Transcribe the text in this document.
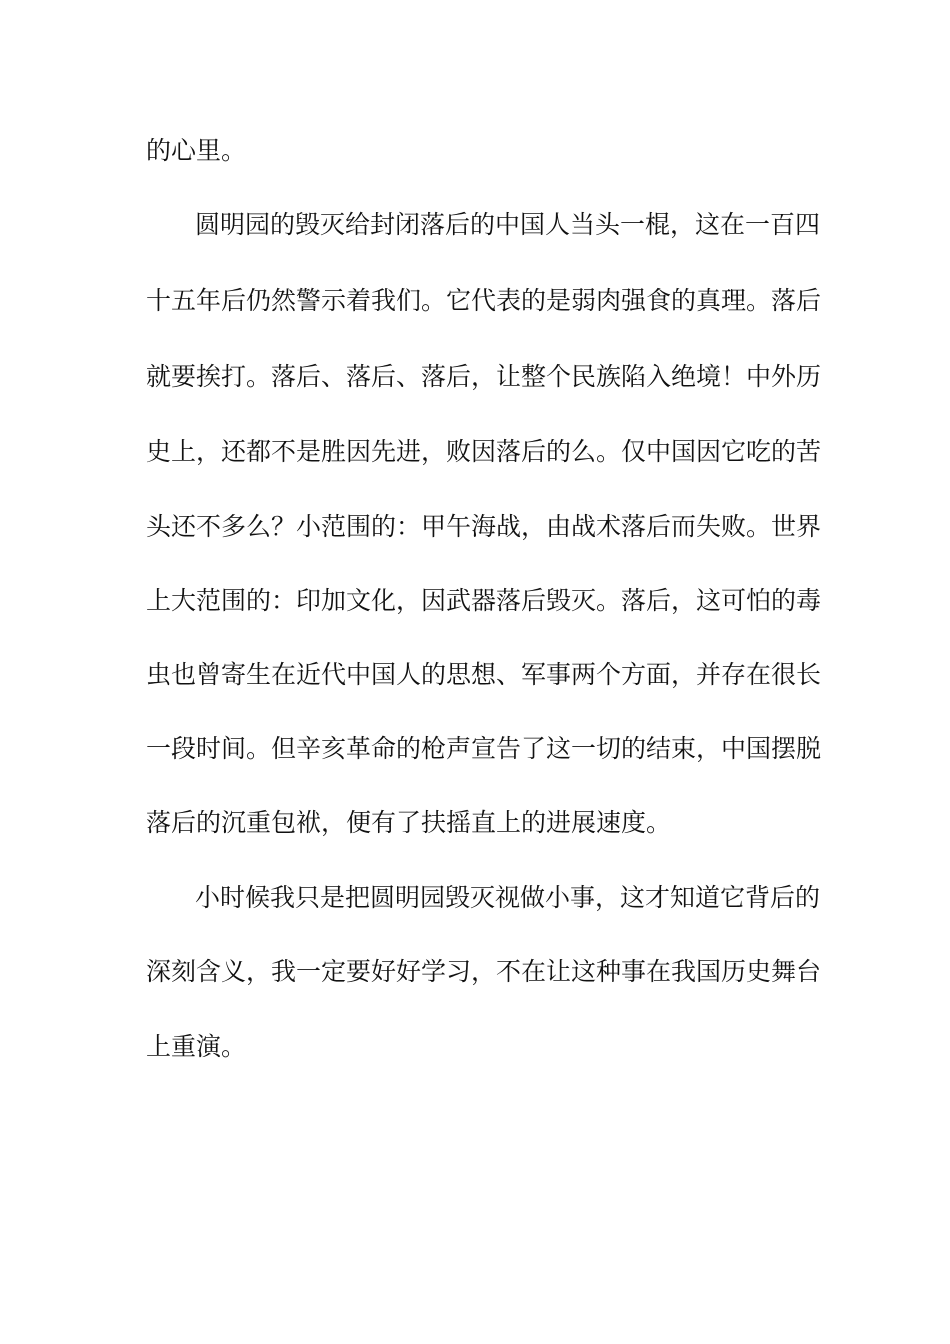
的心里。
圆明园的毁灭给封闭落后的中国人当头一棍，这在一百四
十五年后仍然警示着我们。它代表的是弱肉强食的真理。落后
就要挨打。落后、落后、落后，让整个民族陷入绝境！中外历
史上，还都不是胜因先进，败因落后的么。仅中国因它吃的苦
头还不多么？小范围的：甲午海战，由战术落后而失败。世界
上大范围的：印加文化，因武器落后毁灭。落后，这可怕的毒
虫也曾寄生在近代中国人的思想、军事两个方面，并存在很长
一段时间。但辛亥革命的枪声宣告了这一切的结束，中国摆脱
落后的沉重包袱，便有了扶摇直上的进展速度。
小时候我只是把圆明园毁灭视做小事，这才知道它背后的
深刻含义，我一定要好好学习，不在让这种事在我国历史舞台
上重演。
